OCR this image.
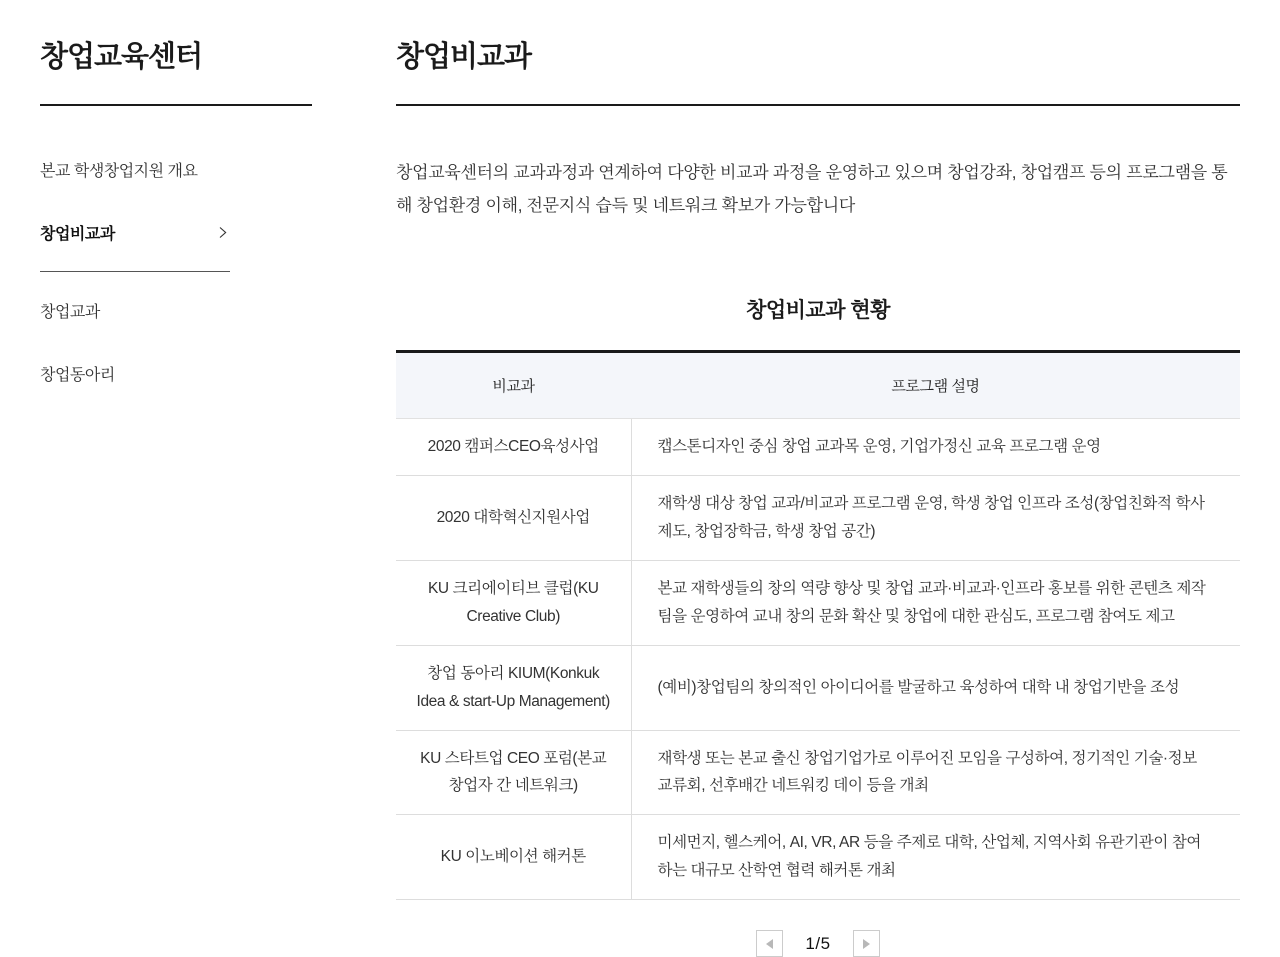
창업교육센터
본교 학생창업지원 개요
창업비교과
창업교과
창업동아리
창업비교과

창업교육센터의 교과과정과 연계하여 다양한 비교과 과정을 운영하고 있으며 창업강좌, 창업캠프 등의 프로그램을 통해 창업환경 이해, 전문지식 습득 및 네트워크 확보가 가능합니다

창업비교과 현황
비교과	프로그램 설명
2020 캠퍼스CEO육성사업	캡스톤디자인 중심 창업 교과목 운영, 기업가정신 교육 프로그램 운영
2020 대학혁신지원사업	재학생 대상 창업 교과/비교과 프로그램 운영, 학생 창업 인프라 조성(창업친화적 학사제도, 창업장학금, 학생 창업 공간)
KU 크리에이티브 클럽(KU Creative Club)	본교 재학생들의 창의 역량 향상 및 창업 교과·비교과·인프라 홍보를 위한 콘텐츠 제작팀을 운영하여 교내 창의 문화 확산 및 창업에 대한 관심도, 프로그램 참여도 제고
창업 동아리 KIUM(Konkuk Idea & start-Up Management)	(예비)창업팀의 창의적인 아이디어를 발굴하고 육성하여 대학 내 창업기반을 조성
KU 스타트업 CEO 포럼(본교 창업자 간 네트워크)	재학생 또는 본교 출신 창업기업가로 이루어진 모임을 구성하여, 정기적인 기술·정보 교류회, 선후배간 네트워킹 데이 등을 개최
KU 이노베이션 해커톤	미세먼지, 헬스케어, AI, VR, AR 등을 주제로 대학, 산업체, 지역사회 유관기관이 참여하는 대규모 산학연 협력 해커톤 개최
1/5
